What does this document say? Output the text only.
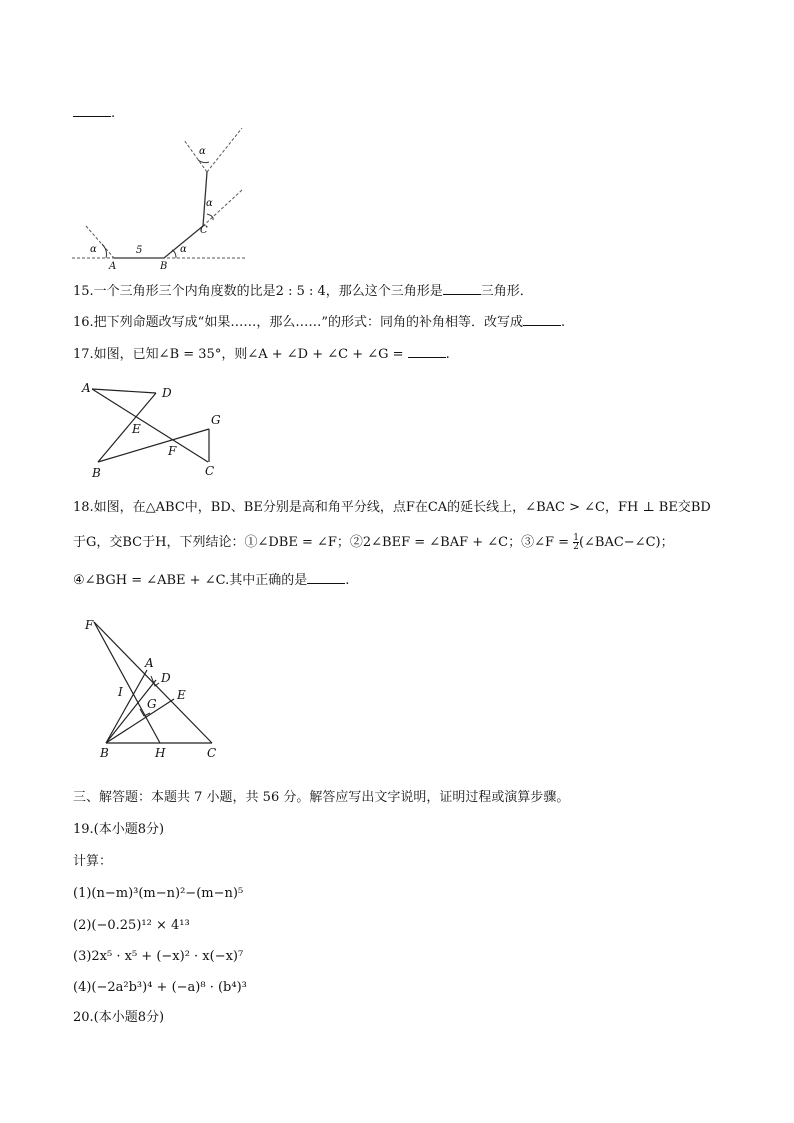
.
α	α
α
α
A	B
C
5
15.一个三角形三个内角度数的比是2 : 5 : 4，那么这个三角形是	三角形．
16.把下列命题改写成“如果……，那么……”的形式：同角的补角相等．改写成	.
17.如图，已知∠B = 35°，则∠A + ∠D + ∠C + ∠G =	.
A	D
E
G
F
B	C
18.如图，在△ABC中，BD、BE分别是高和角平分线，点F在CA的延长线上，∠BAC > ∠C，FH ⊥ BE交BD
于G，交BC于H，下列结论：①∠DBE = ∠F；②2∠BEF = ∠BAF + ∠C；③∠F = $\frac{1}{2}$ (∠BAC−∠C)；
④∠BGH = ∠ABE + ∠C.其中正确的是	.
F
A
D
I	E
G
B	H	C
三、解答题：本题共 7 小题，共 56 分。解答应写出文字说明，证明过程或演算步骤。
19.(本小题8分)
计算：
(1)(n−m)³(m−n)²−(m−n)⁵
(2)(−0.25)¹² × 4¹³
(3)2x⁵ · x⁵ + (−x)² · x(−x)⁷
(4)(−2a²b³)⁴ + (−a)⁸ · (b⁴)³
20.(本小题8分)
